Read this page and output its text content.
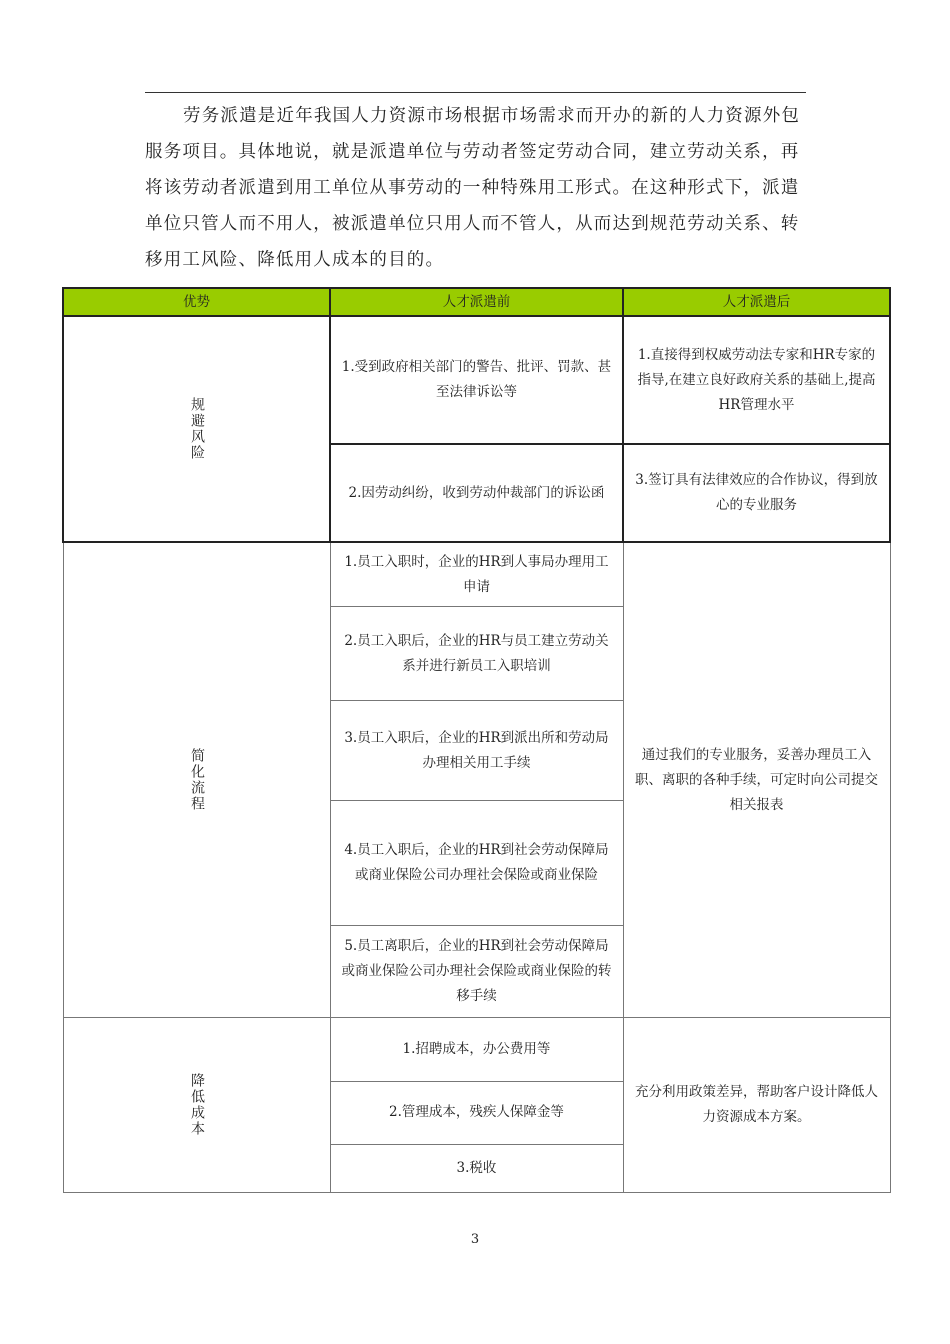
劳务派遣是近年我国人力资源市场根据市场需求而开办的新的人力资源外包服务项目。具体地说，就是派遣单位与劳动者签定劳动合同，建立劳动关系，再将该劳动者派遣到用工单位从事劳动的一种特殊用工形式。在这种形式下，派遣单位只管人而不用人，被派遣单位只用人而不管人，从而达到规范劳动关系、转移用工风险、降低用人成本的目的。

优势	人才派遣前	人才派遣后

规避风险	1.受到政府相关部门的警告、批评、罚款、甚至法律诉讼等	1.直接得到权威劳动法专家和HR专家的指导,在建立良好政府关系的基础上,提高HR管理水平
	2.因劳动纠纷，收到劳动仲裁部门的诉讼函	3.签订具有法律效应的合作协议，得到放心的专业服务

简化流程	1.员工入职时，企业的HR到人事局办理用工申请	通过我们的专业服务，妥善办理员工入职、离职的各种手续，可定时向公司提交相关报表
	2.员工入职后，企业的HR与员工建立劳动关系并进行新员工入职培训	
	3.员工入职后，企业的HR到派出所和劳动局办理相关用工手续	
	4.员工入职后，企业的HR到社会劳动保障局或商业保险公司办理社会保险或商业保险	
	5.员工离职后，企业的HR到社会劳动保障局或商业保险公司办理社会保险或商业保险的转移手续	

降低成本	1.招聘成本，办公费用等	充分利用政策差异，帮助客户设计降低人力资源成本方案。
	2.管理成本，残疾人保障金等	
	3.税收	
3
